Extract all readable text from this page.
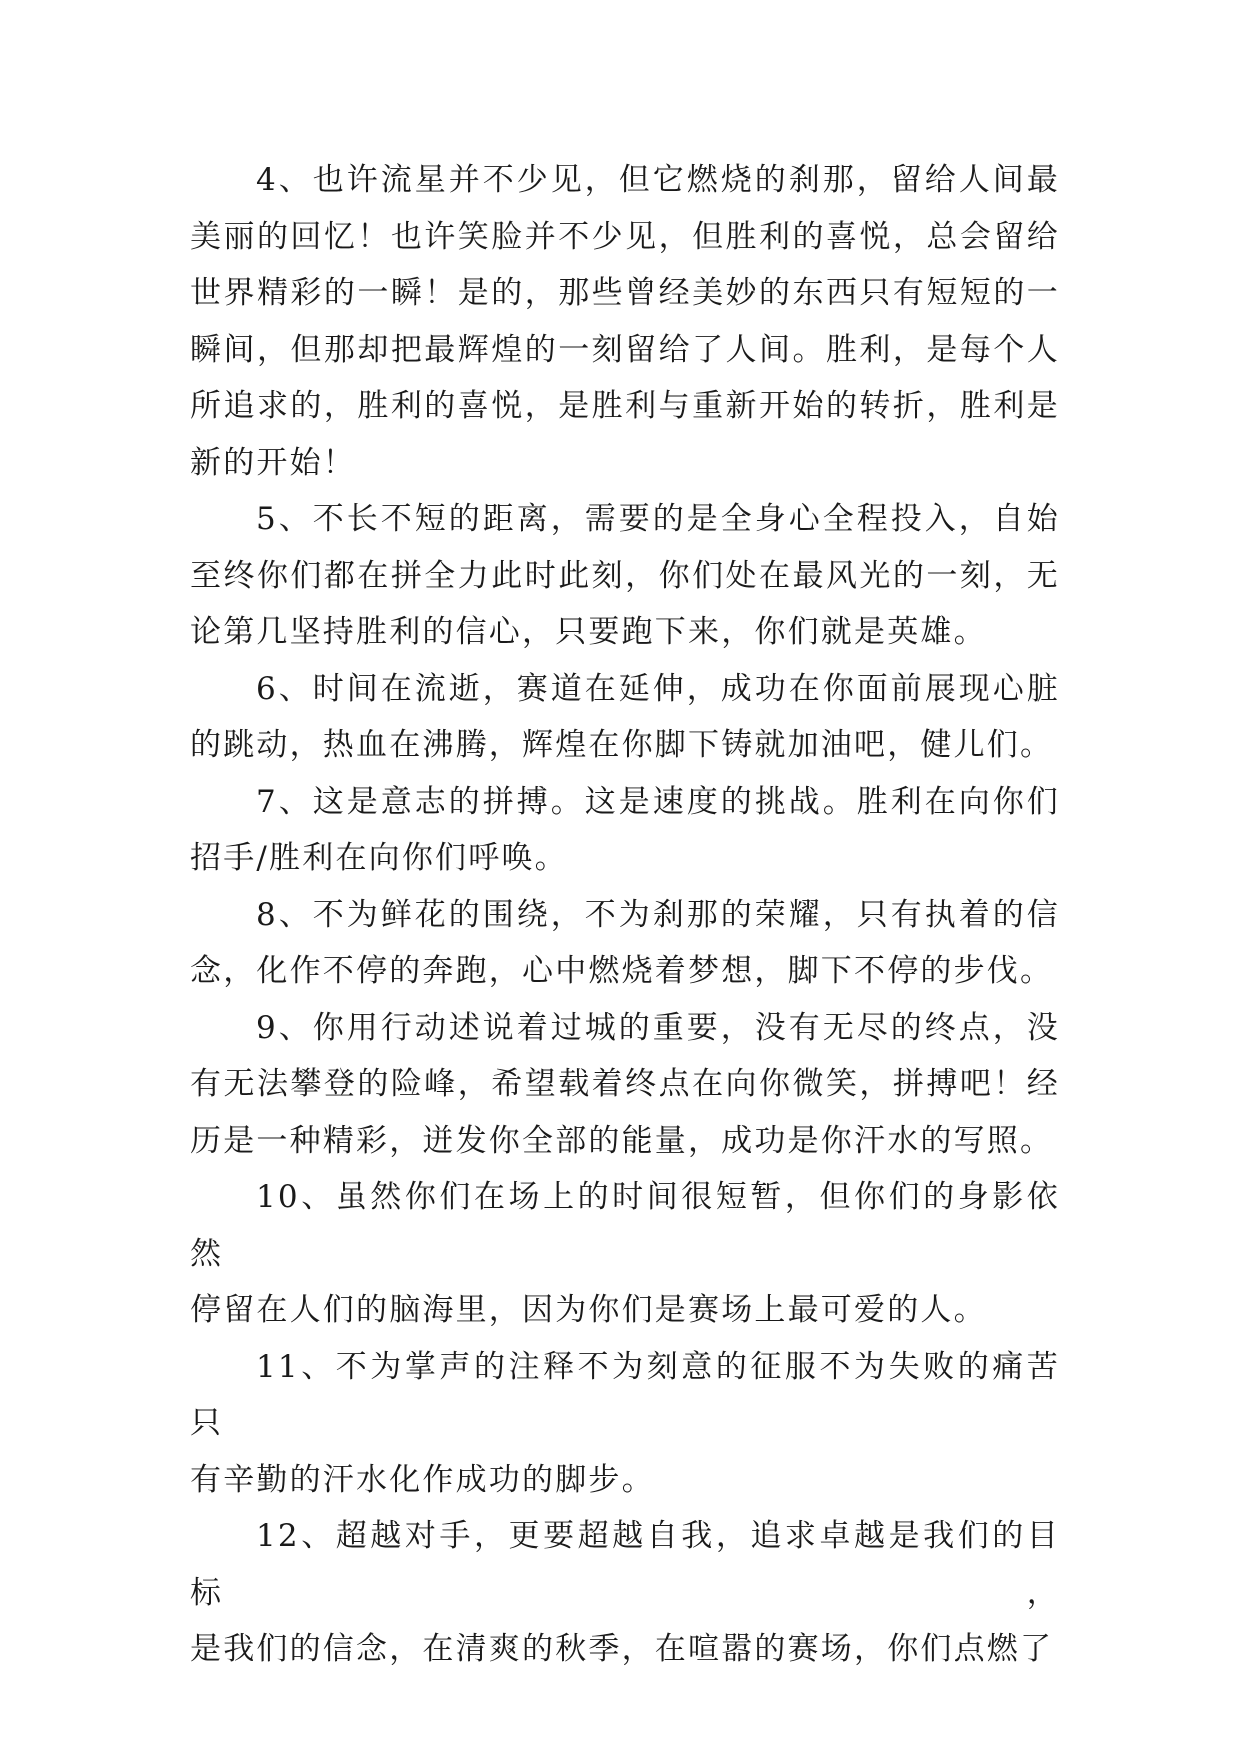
4、也许流星并不少见，但它燃烧的刹那，留给人间最
美丽的回忆！也许笑脸并不少见，但胜利的喜悦，总会留给
世界精彩的一瞬！是的，那些曾经美妙的东西只有短短的一
瞬间，但那却把最辉煌的一刻留给了人间。胜利，是每个人
所追求的，胜利的喜悦，是胜利与重新开始的转折，胜利是
新的开始！
5、不长不短的距离，需要的是全身心全程投入，自始
至终你们都在拼全力此时此刻，你们处在最风光的一刻，无
论第几坚持胜利的信心，只要跑下来，你们就是英雄。
6、时间在流逝，赛道在延伸，成功在你面前展现心脏
的跳动，热血在沸腾，辉煌在你脚下铸就加油吧，健儿们。
7、这是意志的拼搏。这是速度的挑战。胜利在向你们
招手/胜利在向你们呼唤。
8、不为鲜花的围绕，不为刹那的荣耀，只有执着的信
念，化作不停的奔跑，心中燃烧着梦想，脚下不停的步伐。
9、你用行动述说着过城的重要，没有无尽的终点，没
有无法攀登的险峰，希望载着终点在向你微笑，拼搏吧！经
历是一种精彩，迸发你全部的能量，成功是你汗水的写照。
10、虽然你们在场上的时间很短暂，但你们的身影依然
停留在人们的脑海里，因为你们是赛场上最可爱的人。
11、不为掌声的注释不为刻意的征服不为失败的痛苦只
有辛勤的汗水化作成功的脚步。
12、超越对手，更要超越自我，追求卓越是我们的目标，
是我们的信念，在清爽的秋季，在喧嚣的赛场，你们点燃了
